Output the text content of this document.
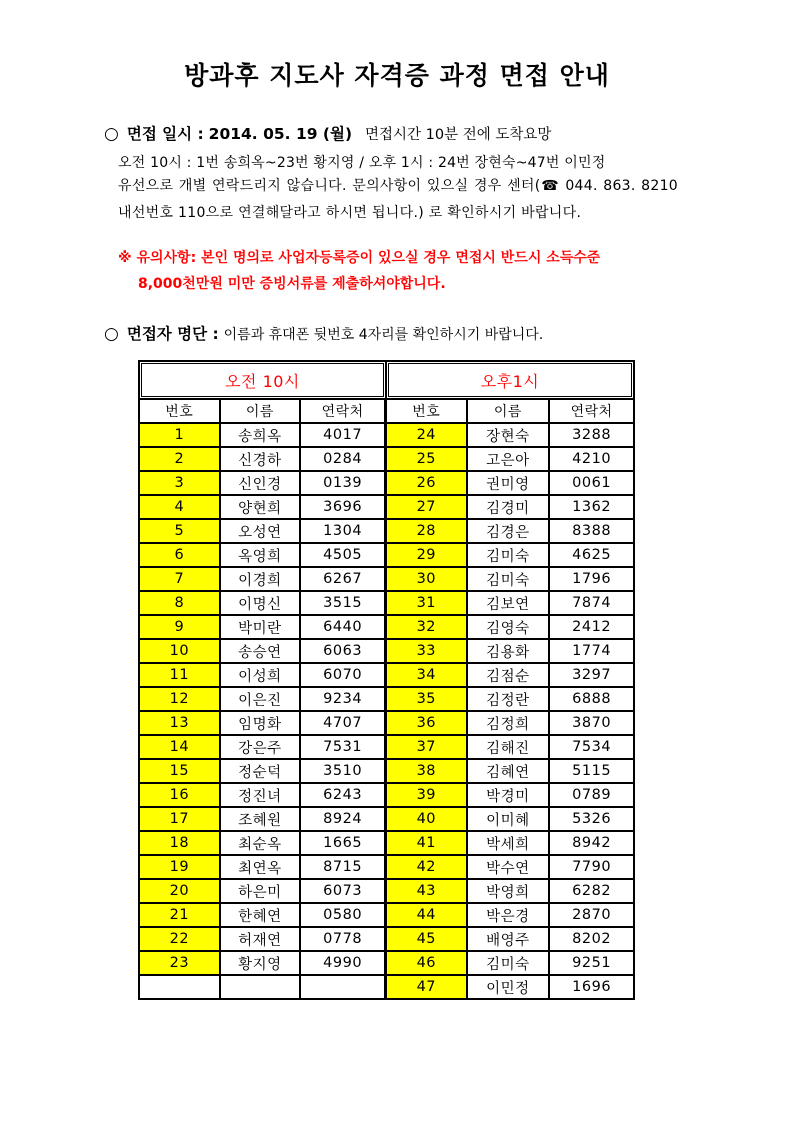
방과후 지도사 자격증 과정 면접 안내
○ 면접 일시 : 2014. 05. 19 (월) 면접시간 10분 전에 도착요망
오전 10시 : 1번 송희옥~23번 황지영 / 오후 1시 : 24번 장현숙~47번 이민정
유선으로 개별 연락드리지 않습니다. 문의사항이 있으실 경우 센터(☎ 044. 863. 8210 내선번호 110으로 연결해달라고 하시면 됩니다.) 로 확인하시기 바랍니다.
※ 유의사항: 본인 명의로 사업자등록증이 있으실 경우 면접시 반드시 소득수준
8,000천만원 미만 증빙서류를 제출하셔야합니다.
○ 면접자 명단 : 이름과 휴대폰 뒷번호 4자리를 확인하시기 바랍니다.
오전 10시			오후1시		
번호	이름	연락처	번호	이름	연락처
1	송희옥	4017	24	장현숙	3288
2	신경하	0284	25	고은아	4210
3	신인경	0139	26	권미영	0061
4	양현희	3696	27	김경미	1362
5	오성연	1304	28	김경은	8388
6	옥영희	4505	29	김미숙	4625
7	이경희	6267	30	김미숙	1796
8	이명신	3515	31	김보연	7874
9	박미란	6440	32	김영숙	2412
10	송승연	6063	33	김용화	1774
11	이성희	6070	34	김점순	3297
12	이은진	9234	35	김정란	6888
13	임명화	4707	36	김정희	3870
14	강은주	7531	37	김해진	7534
15	정순덕	3510	38	김혜연	5115
16	정진녀	6243	39	박경미	0789
17	조혜원	8924	40	이미혜	5326
18	최순옥	1665	41	박세희	8942
19	최연옥	8715	42	박수연	7790
20	하은미	6073	43	박영희	6282
21	한혜연	0580	44	박은경	2870
22	허재연	0778	45	배영주	8202
23	황지영	4990	46	김미숙	9251
			47	이민정	1696
